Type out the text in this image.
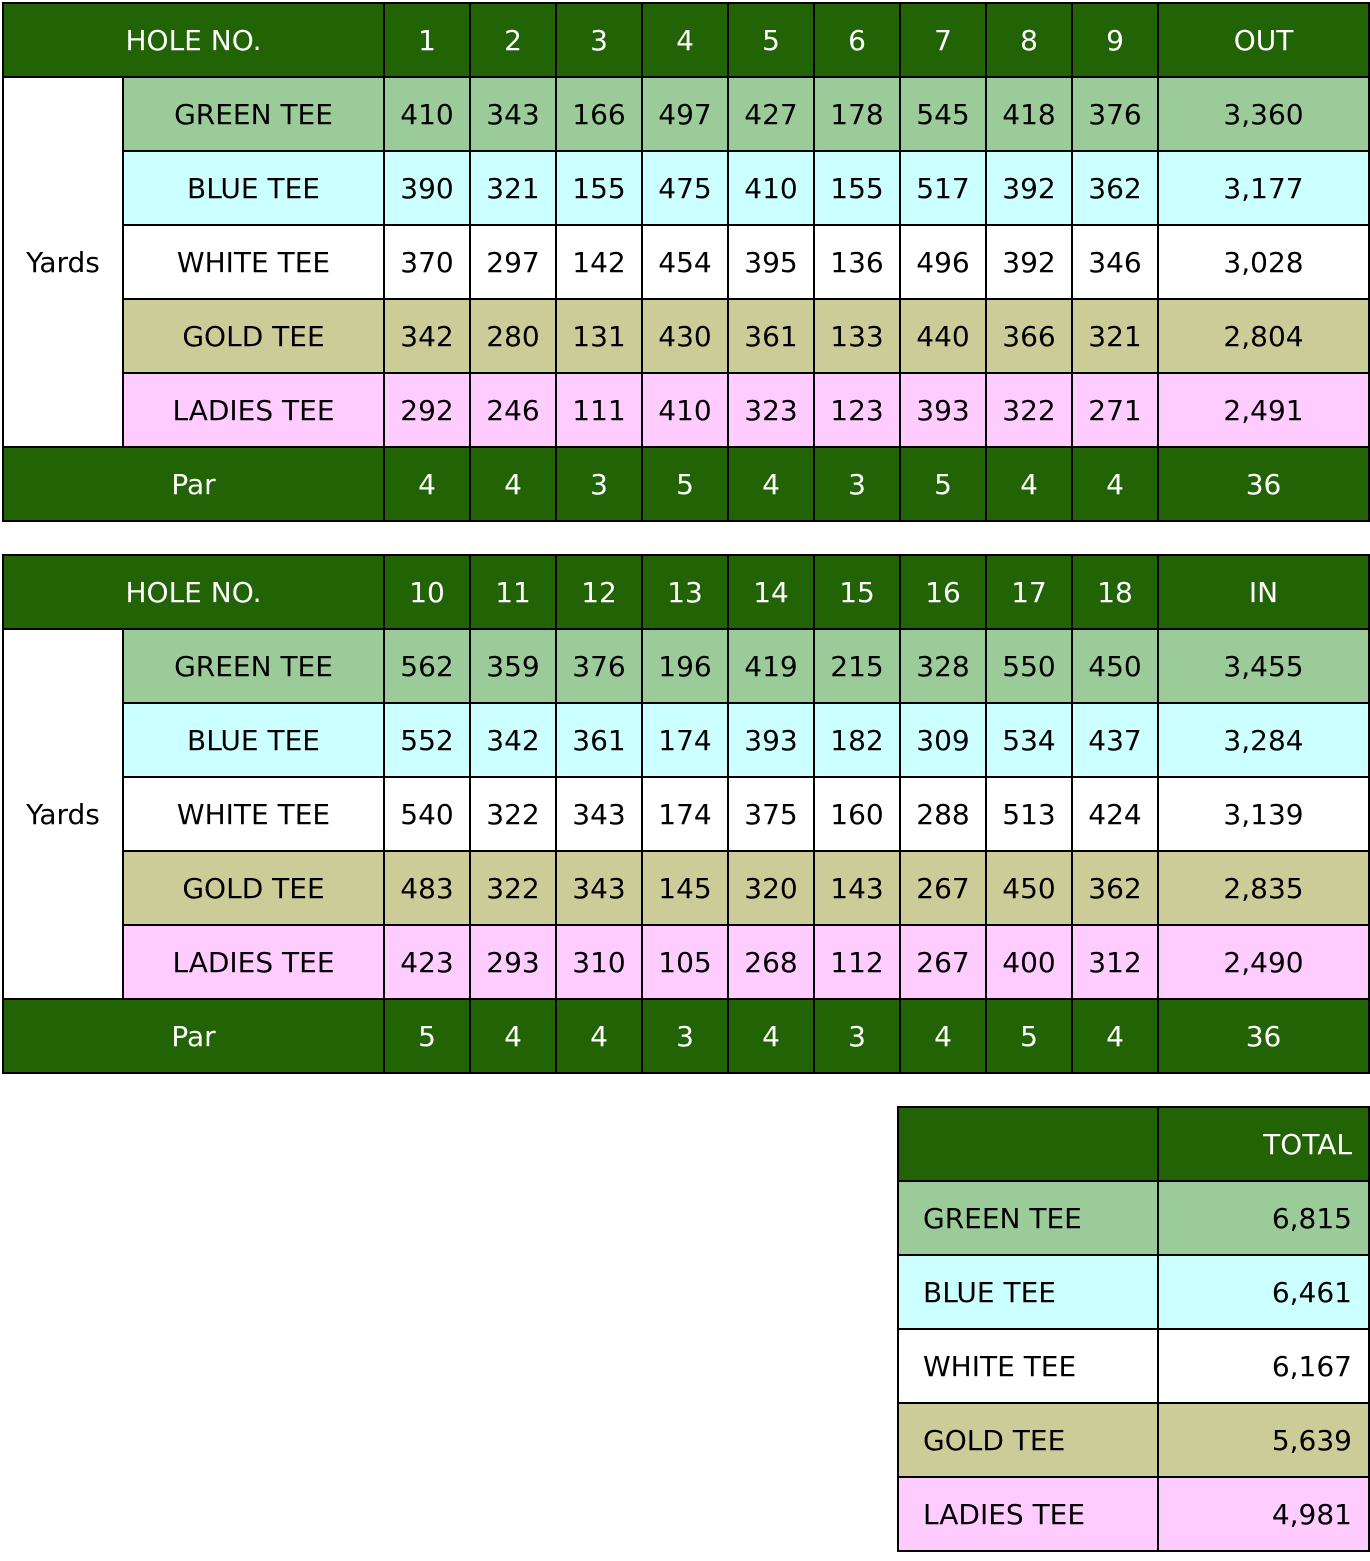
HOLE NO.		1	2	3	4	5	6	7	8	9	OUT
Yards	GREEN TEE	410	343	166	497	427	178	545	418	376	3,360
	BLUE TEE	390	321	155	475	410	155	517	392	362	3,177
	WHITE TEE	370	297	142	454	395	136	496	392	346	3,028
	GOLD TEE	342	280	131	430	361	133	440	366	321	2,804
	LADIES TEE	292	246	111	410	323	123	393	322	271	2,491
Par		4	4	3	5	4	3	5	4	4	36
HOLE NO.		10	11	12	13	14	15	16	17	18	IN
Yards	GREEN TEE	562	359	376	196	419	215	328	550	450	3,455
	BLUE TEE	552	342	361	174	393	182	309	534	437	3,284
	WHITE TEE	540	322	343	174	375	160	288	513	424	3,139
	GOLD TEE	483	322	343	145	320	143	267	450	362	2,835
	LADIES TEE	423	293	310	105	268	112	267	400	312	2,490
Par		5	4	4	3	4	3	4	5	4	36
	TOTAL
GREEN TEE	6,815
BLUE TEE	6,461
WHITE TEE	6,167
GOLD TEE	5,639
LADIES TEE	4,981
